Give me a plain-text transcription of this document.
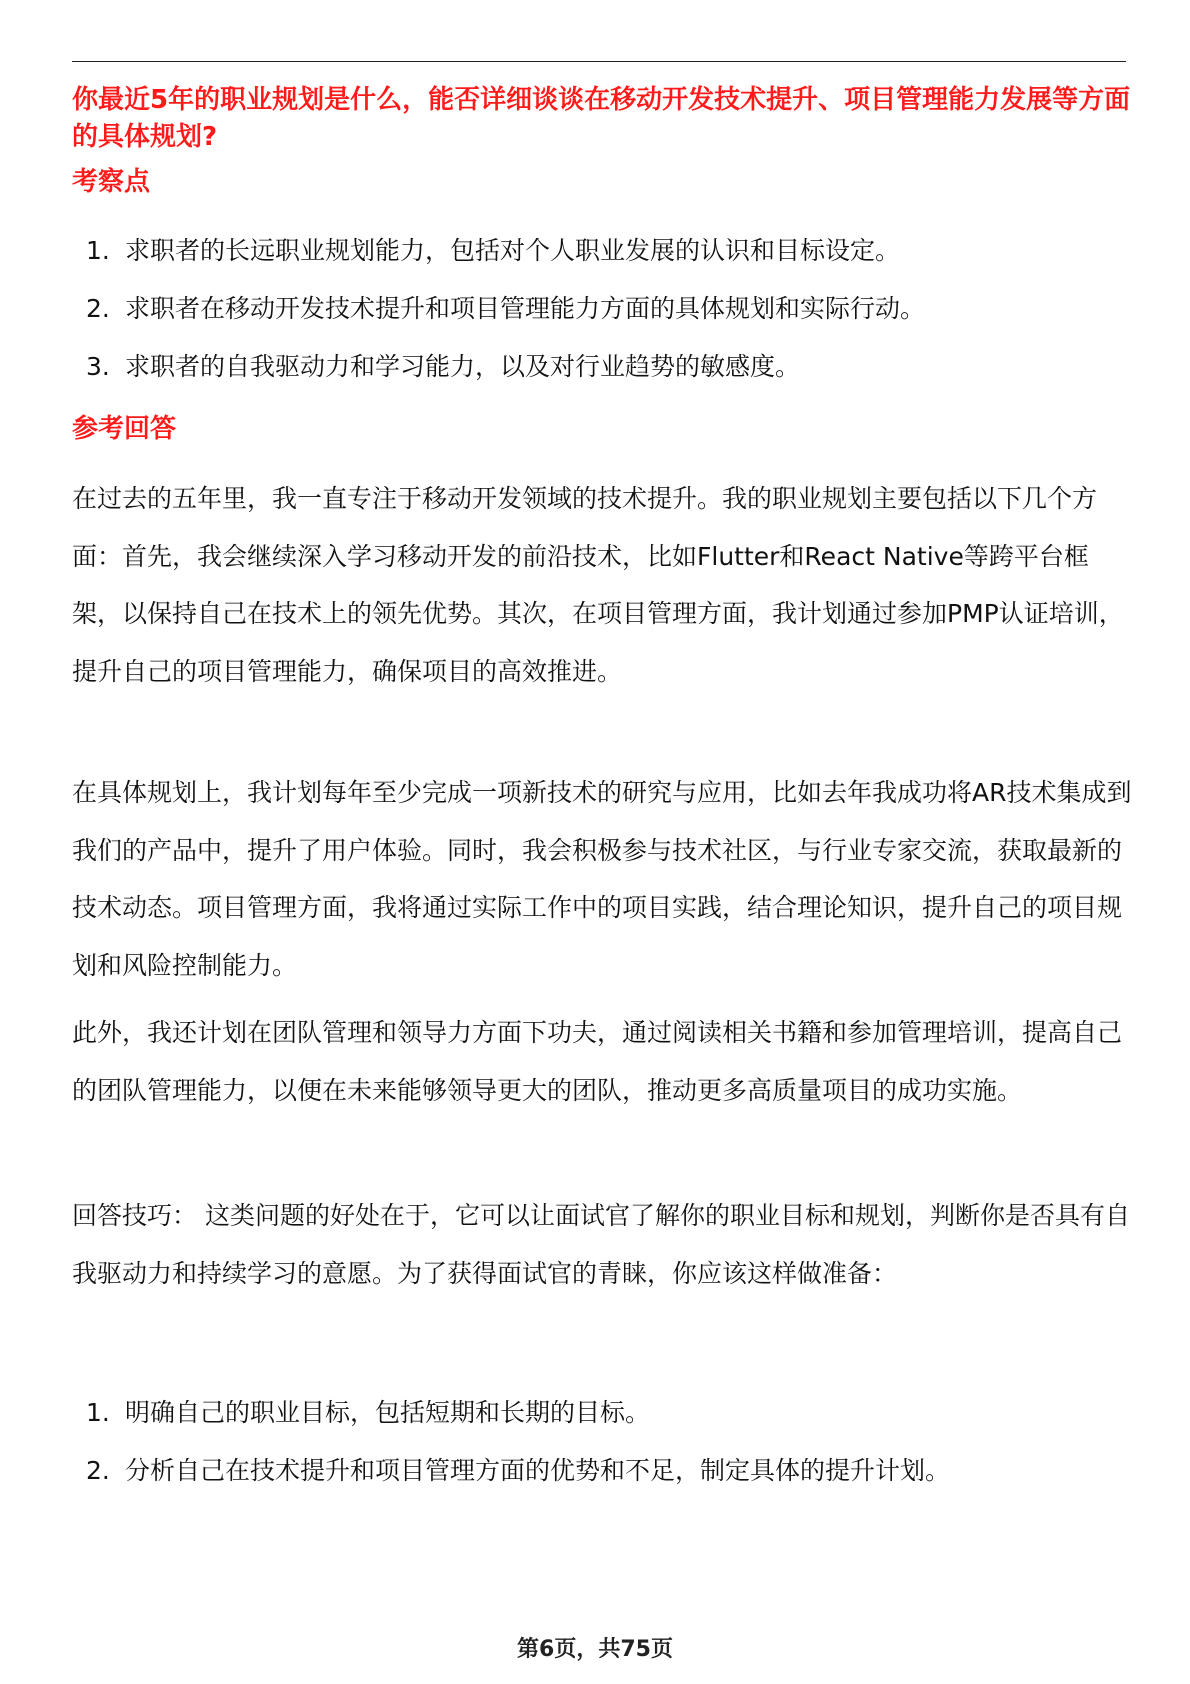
你最近5年的职业规划是什么，能否详细谈谈在移动开发技术提升、项目管理能力发展等方面的具体规划?
考察点
1. 求职者的长远职业规划能力，包括对个人职业发展的认识和目标设定。
2. 求职者在移动开发技术提升和项目管理能力方面的具体规划和实际行动。
3. 求职者的自我驱动力和学习能力，以及对行业趋势的敏感度。
参考回答

在过去的五年里，我一直专注于移动开发领域的技术提升。我的职业规划主要包括以下几个方面：首先，我会继续深入学习移动开发的前沿技术，比如Flutter和React Native等跨平台框架，以保持自己在技术上的领先优势。其次，在项目管理方面，我计划通过参加PMP认证培训，提升自己的项目管理能力，确保项目的高效推进。

在具体规划上，我计划每年至少完成一项新技术的研究与应用，比如去年我成功将AR技术集成到我们的产品中，提升了用户体验。同时，我会积极参与技术社区，与行业专家交流，获取最新的技术动态。项目管理方面，我将通过实际工作中的项目实践，结合理论知识，提升自己的项目规划和风险控制能力。

此外，我还计划在团队管理和领导力方面下功夫，通过阅读相关书籍和参加管理培训，提高自己的团队管理能力，以便在未来能够领导更大的团队，推动更多高质量项目的成功实施。

回答技巧： 这类问题的好处在于，它可以让面试官了解你的职业目标和规划，判断你是否具有自我驱动力和持续学习的意愿。为了获得面试官的青睐，你应该这样做准备：

1. 明确自己的职业目标，包括短期和长期的目标。
2. 分析自己在技术提升和项目管理方面的优势和不足，制定具体的提升计划。
第6页，共75页
